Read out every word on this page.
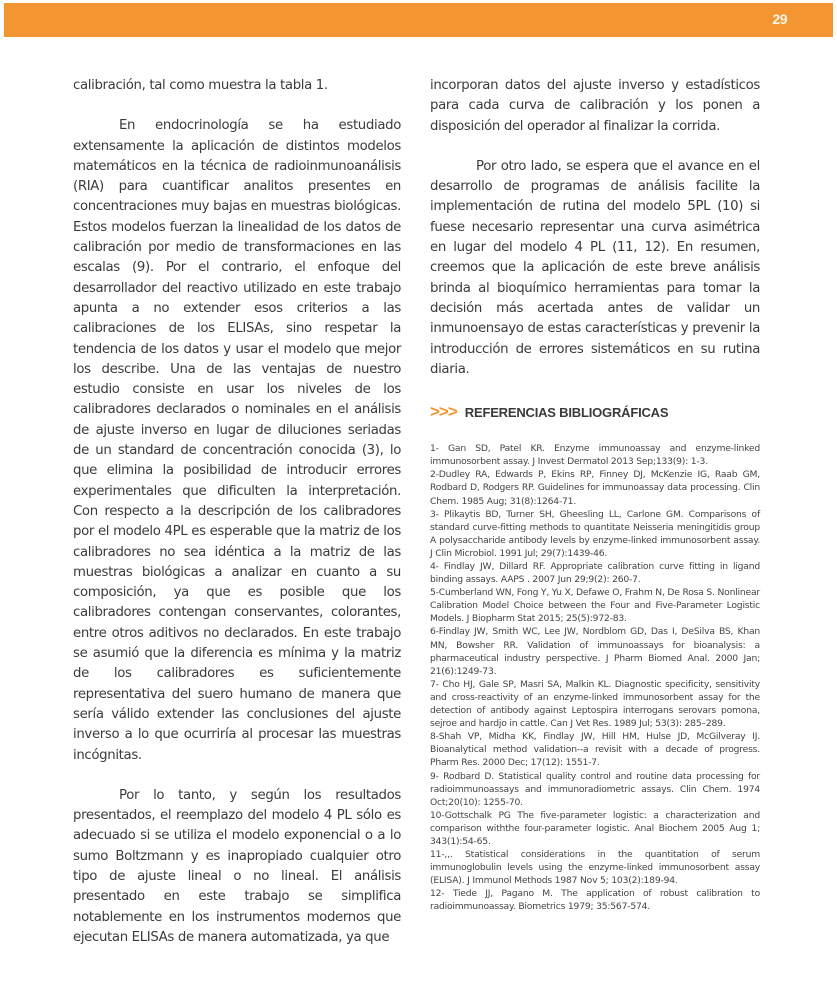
29

calibración, tal como muestra la tabla 1.

En endocrinología se ha estudiado extensamente la aplicación de distintos modelos matemáticos en la técnica de radioinmunoanálisis (RIA) para cuantificar analitos presentes en concentraciones muy bajas en muestras biológicas. Estos modelos fuerzan la linealidad de los datos de calibración por medio de transformaciones en las escalas (9). Por el contrario, el enfoque del desarrollador del reactivo utilizado en este trabajo apunta a no extender esos criterios a las calibraciones de los ELISAs, sino respetar la tendencia de los datos y usar el modelo que mejor los describe. Una de las ventajas de nuestro estudio consiste en usar los niveles de los calibradores declarados o nominales en el análisis de ajuste inverso en lugar de diluciones seriadas de un standard de concentración conocida (3), lo que elimina la posibilidad de introducir errores experimentales que dificulten la interpretación. Con respecto a la descripción de los calibradores por el modelo 4PL es esperable que la matriz de los calibradores no sea idéntica a la matriz de las muestras biológicas a analizar en cuanto a su composición, ya que es posible que los calibradores contengan conservantes, colorantes, entre otros aditivos no declarados. En este trabajo se asumió que la diferencia es mínima y la matriz de los calibradores es suficientemente representativa del suero humano de manera que sería válido extender las conclusiones del ajuste inverso a lo que ocurriría al procesar las muestras incógnitas.

Por lo tanto, y según los resultados presentados, el reemplazo del modelo 4 PL sólo es adecuado si se utiliza el modelo exponencial o a lo sumo Boltzmann y es inapropiado cualquier otro tipo de ajuste lineal o no lineal. El análisis presentado en este trabajo se simplifica notablemente en los instrumentos modernos que ejecutan ELISAs de manera automatizada, ya que

incorporan datos del ajuste inverso y estadísticos para cada curva de calibración y los ponen a disposición del operador al finalizar la corrida.

Por otro lado, se espera que el avance en el desarrollo de programas de análisis facilite la implementación de rutina del modelo 5PL (10) si fuese necesario representar una curva asimétrica en lugar del modelo 4 PL (11, 12). En resumen, creemos que la aplicación de este breve análisis brinda al bioquímico herramientas para tomar la decisión más acertada antes de validar un inmunoensayo de estas características y prevenir la introducción de errores sistemáticos en su rutina diaria.

>>> REFERENCIAS BIBLIOGRÁFICAS

1- Gan SD, Patel KR. Enzyme immunoassay and enzyme-linked immunosorbent assay. J Invest Dermatol 2013 Sep;133(9): 1-3.

2-Dudley RA, Edwards P, Ekins RP, Finney DJ, McKenzie IG, Raab GM, Rodbard D, Rodgers RP. Guidelines for immunoassay data processing. Clin Chem. 1985 Aug; 31(8):1264-71.

3- Plikaytis BD, Turner SH, Gheesling LL, Carlone GM. Comparisons of standard curve-fitting methods to quantitate Neisseria meningitidis group A polysaccharide antibody levels by enzyme-linked immunosorbent assay. J Clin Microbiol. 1991 Jul; 29(7):1439-46.

4- Findlay JW, Dillard RF. Appropriate calibration curve fitting in ligand binding assays. AAPS . 2007 Jun 29;9(2): 260-7.

5-Cumberland WN, Fong Y, Yu X, Defawe O, Frahm N, De Rosa S. Nonlinear Calibration Model Choice between the Four and Five-Parameter Logistic Models. J Biopharm Stat 2015; 25(5):972-83.

6-Findlay JW, Smith WC, Lee JW, Nordblom GD, Das I, DeSilva BS, Khan MN, Bowsher RR. Validation of immunoassays for bioanalysis: a pharmaceutical industry perspective. J Pharm Biomed Anal. 2000 Jan; 21(6):1249-73.

7- Cho HJ, Gale SP, Masri SA, Malkin KL. Diagnostic specificity, sensitivity and cross-reactivity of an enzyme-linked immunosorbent assay for the detection of antibody against Leptospira interrogans serovars pomona, sejroe and hardjo in cattle. Can J Vet Res. 1989 Jul; 53(3): 285–289.

8-Shah VP, Midha KK, Findlay JW, Hill HM, Hulse JD, McGilveray IJ. Bioanalytical method validation--a revisit with a decade of progress. Pharm Res. 2000 Dec; 17(12): 1551-7.

9- Rodbard D. Statistical quality control and routine data processing for radioimmunoassays and immunoradiometric assays. Clin Chem. 1974 Oct;20(10): 1255-70.

10-Gottschalk PG The five-parameter logistic: a characterization and comparison withthe four-parameter logistic. Anal Biochem 2005 Aug 1; 343(1):54-65.

11-,,. Statistical considerations in the quantitation of serum immunoglobulin levels using the enzyme-linked immunosorbent assay (ELISA). J Immunol Methods 1987 Nov 5; 103(2):189-94.

12- Tiede JJ, Pagano M. The application of robust calibration to radioimmunoassay. Biometrics 1979; 35:567-574.
